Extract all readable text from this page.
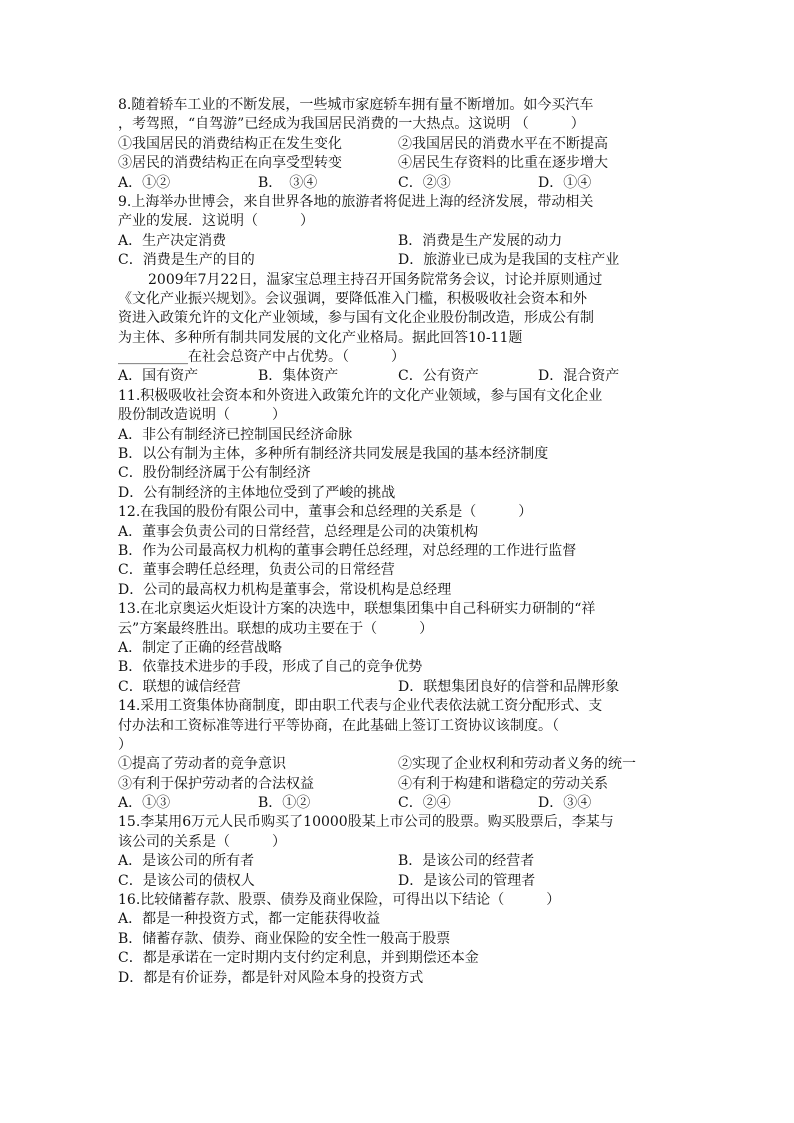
8.随着轿车工业的不断发展，一些城市家庭轿车拥有量不断增加。如今买汽车
，考驾照，“自驾游”已经成为我国居民消费的一大热点。这说明 （　　　）
①我国居民的消费结构正在发生变化	②我国居民的消费水平在不断提高
③居民的消费结构正在向享受型转变	④居民生存资料的比重在逐步增大
A．①②	B．　③④	C．②③	D．①④
9.上海举办世博会，来自世界各地的旅游者将促进上海的经济发展，带动相关
产业的发展．这说明（　　　）
A．生产决定消费	B．消费是生产发展的动力
C．消费是生产的目的	D．旅游业已成为是我国的支柱产业
2009年7月22日，温家宝总理主持召开国务院常务会议，讨论并原则通过
《文化产业振兴规划》。会议强调，要降低准入门槛，积极吸收社会资本和外
资进入政策允许的文化产业领域，参与国有文化企业股份制改造，形成公有制
为主体、多种所有制共同发展的文化产业格局。据此回答10-11题
__________在社会总资产中占优势。（　　　）
A．国有资产	B．集体资产	C．公有资产	D．混合资产
11.积极吸收社会资本和外资进入政策允许的文化产业领域，参与国有文化企业
股份制改造说明（　　　）
A．非公有制经济已控制国民经济命脉
B．以公有制为主体，多种所有制经济共同发展是我国的基本经济制度
C．股份制经济属于公有制经济
D．公有制经济的主体地位受到了严峻的挑战
12.在我国的股份有限公司中，董事会和总经理的关系是（　　　）
A．董事会负责公司的日常经营，总经理是公司的决策机构
B．作为公司最高权力机构的董事会聘任总经理，对总经理的工作进行监督
C．董事会聘任总经理，负责公司的日常经营
D．公司的最高权力机构是董事会，常设机构是总经理
13.在北京奥运火炬设计方案的决选中，联想集团集中自己科研实力研制的“祥
云”方案最终胜出。联想的成功主要在于（　　　）
A．制定了正确的经营战略
B．依靠技术进步的手段，形成了自己的竞争优势
C．联想的诚信经营	D．联想集团良好的信誉和品牌形象
14.采用工资集体协商制度，即由职工代表与企业代表依法就工资分配形式、支
付办法和工资标准等进行平等协商，在此基础上签订工资协议该制度。（
）
①提高了劳动者的竞争意识	②实现了企业权利和劳动者义务的统一
③有利于保护劳动者的合法权益	④有利于构建和谐稳定的劳动关系
A．①③	B．①②	C．②④	D．③④
15.李某用6万元人民币购买了10000股某上市公司的股票。购买股票后，李某与
该公司的关系是（　　　）
A．是该公司的所有者	B．是该公司的经营者
C．是该公司的债权人	D．是该公司的管理者
16.比较储蓄存款、股票、债券及商业保险，可得出以下结论（　　　）
A．都是一种投资方式，都一定能获得收益
B．储蓄存款、债券、商业保险的安全性一般高于股票
C．都是承诺在一定时期内支付约定利息，并到期偿还本金
D．都是有价证券，都是针对风险本身的投资方式
